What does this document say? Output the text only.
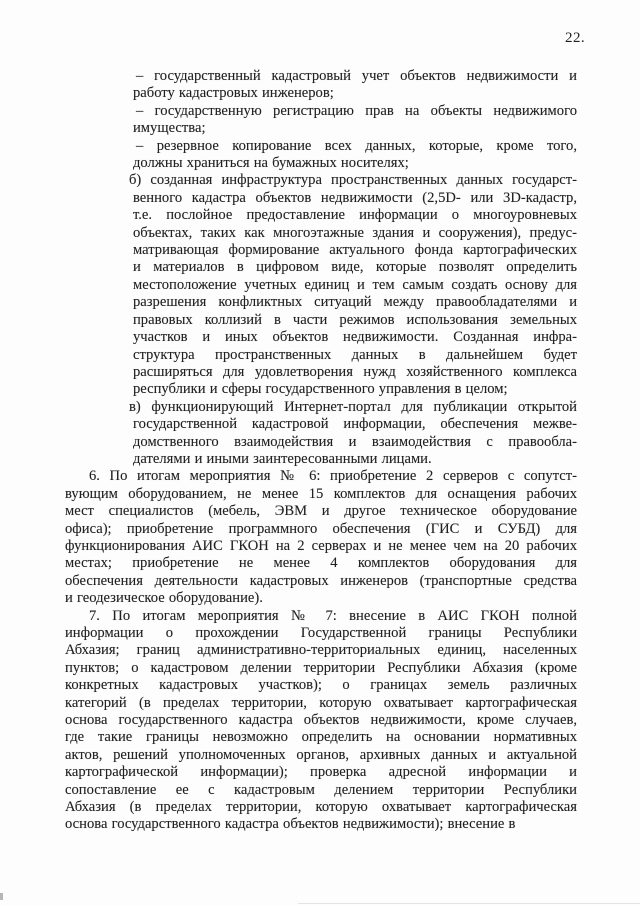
22.
– государственный кадастровый учет объектов недвижимости и
работу кадастровых инженеров;
– государственную регистрацию прав на объекты недвижимого
имущества;
– резервное копирование всех данных, которые, кроме того,
должны храниться на бумажных носителях;
б) созданная инфраструктура пространственных данных государст-
венного кадастра объектов недвижимости (2,5D- или 3D-кадастр,
т.е. послойное предоставление информации о многоуровневых
объектах, таких как многоэтажные здания и сооружения), предус-
матривающая формирование актуального фонда картографических
и материалов в цифровом виде, которые позволят определить
местоположение учетных единиц и тем самым создать основу для
разрешения конфликтных ситуаций между правообладателями и
правовых коллизий в части режимов использования земельных
участков и иных объектов недвижимости. Созданная инфра-
структура пространственных данных в дальнейшем будет
расширяться для удовлетворения нужд хозяйственного комплекса
республики и сферы государственного управления в целом;
в) функционирующий Интернет-портал для публикации открытой
государственной кадастровой информации, обеспечения межве-
домственного взаимодействия и взаимодействия с правообла-
дателями и иными заинтересованными лицами.
6. По итогам мероприятия № 6: приобретение 2 серверов с сопутст-
вующим оборудованием, не менее 15 комплектов для оснащения рабочих
мест специалистов (мебель, ЭВМ и другое техническое оборудование
офиса); приобретение программного обеспечения (ГИС и СУБД) для
функционирования АИС ГКОН на 2 серверах и не менее чем на 20 рабочих
местах; приобретение не менее 4 комплектов оборудования для
обеспечения деятельности кадастровых инженеров (транспортные средства
и геодезическое оборудование).
7. По итогам мероприятия № 7: внесение в АИС ГКОН полной
информации о прохождении Государственной границы Республики
Абхазия; границ административно-территориальных единиц, населенных
пунктов; о кадастровом делении территории Республики Абхазия (кроме
конкретных кадастровых участков); о границах земель различных
категорий (в пределах территории, которую охватывает картографическая
основа государственного кадастра объектов недвижимости, кроме случаев,
где такие границы невозможно определить на основании нормативных
актов, решений уполномоченных органов, архивных данных и актуальной
картографической информации); проверка адресной информации и
сопоставление ее с кадастровым делением территории Республики
Абхазия (в пределах территории, которую охватывает картографическая
основа государственного кадастра объектов недвижимости); внесение в
